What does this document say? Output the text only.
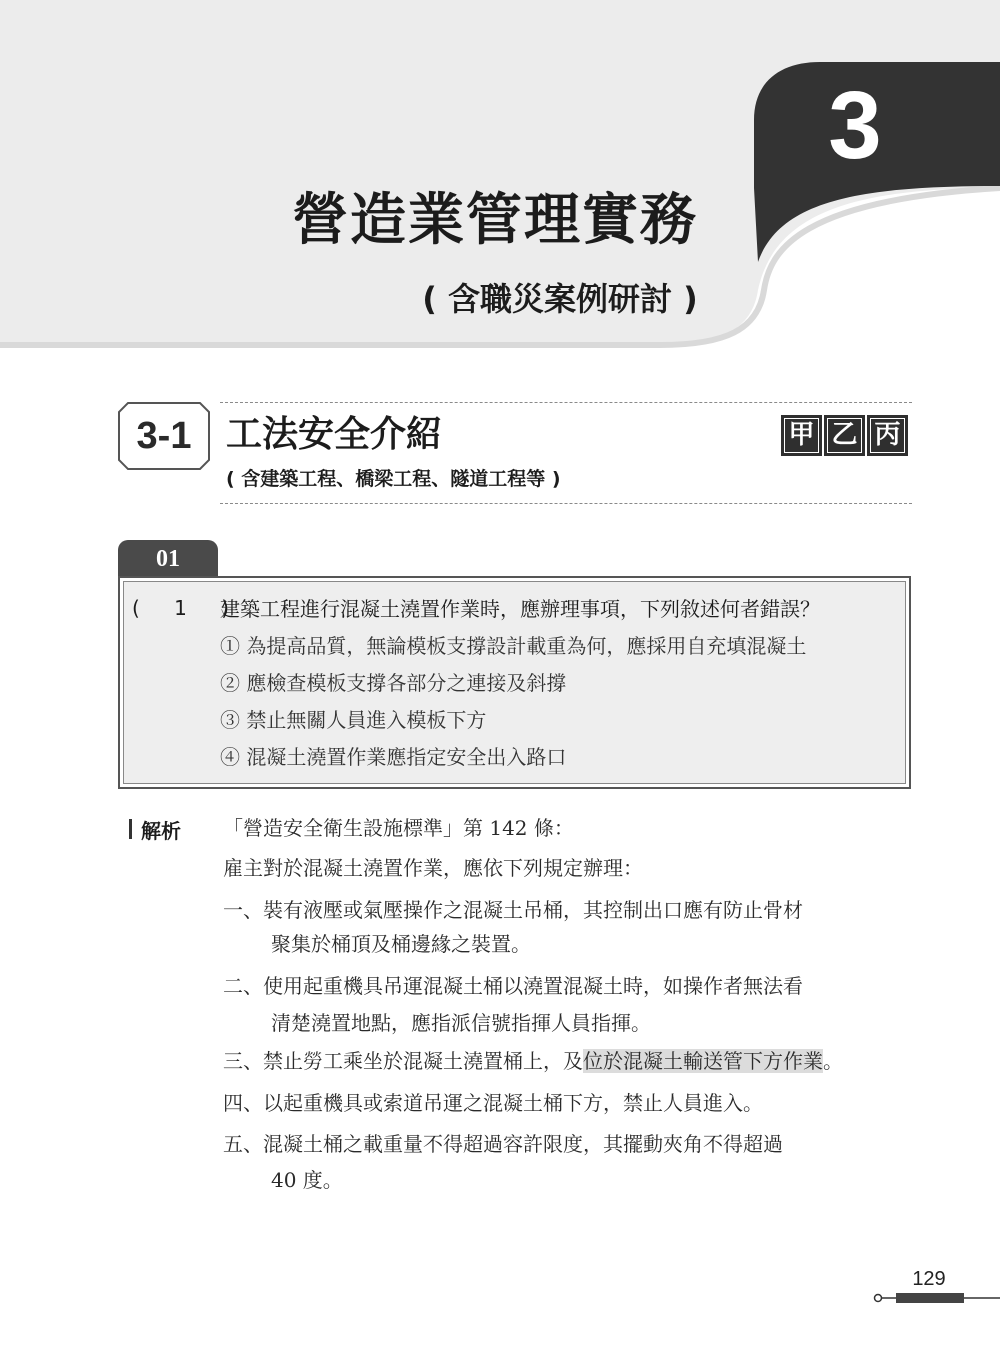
3
營造業管理實務
( 含職災案例研討 )
3-1 工法安全介紹
( 含建築工程、橋梁工程、隧道工程等 )
甲 乙 丙
01
( 1 )
建築工程進行混凝土澆置作業時，應辦理事項，下列敘述何者錯誤？
① 為提高品質，無論模板支撐設計載重為何，應採用自充填混凝土
② 應檢查模板支撐各部分之連接及斜撐
③ 禁止無關人員進入模板下方
④ 混凝土澆置作業應指定安全出入路口
解析 「營造安全衛生設施標準」第 142 條：
雇主對於混凝土澆置作業，應依下列規定辦理：
一、裝有液壓或氣壓操作之混凝土吊桶，其控制出口應有防止骨材
聚集於桶頂及桶邊緣之裝置。
二、使用起重機具吊運混凝土桶以澆置混凝土時，如操作者無法看
清楚澆置地點，應指派信號指揮人員指揮。
三、禁止勞工乘坐於混凝土澆置桶上，及位於混凝土輸送管下方作業。
四、以起重機具或索道吊運之混凝土桶下方，禁止人員進入。
五、混凝土桶之載重量不得超過容許限度，其擺動夾角不得超過
40 度。
129
